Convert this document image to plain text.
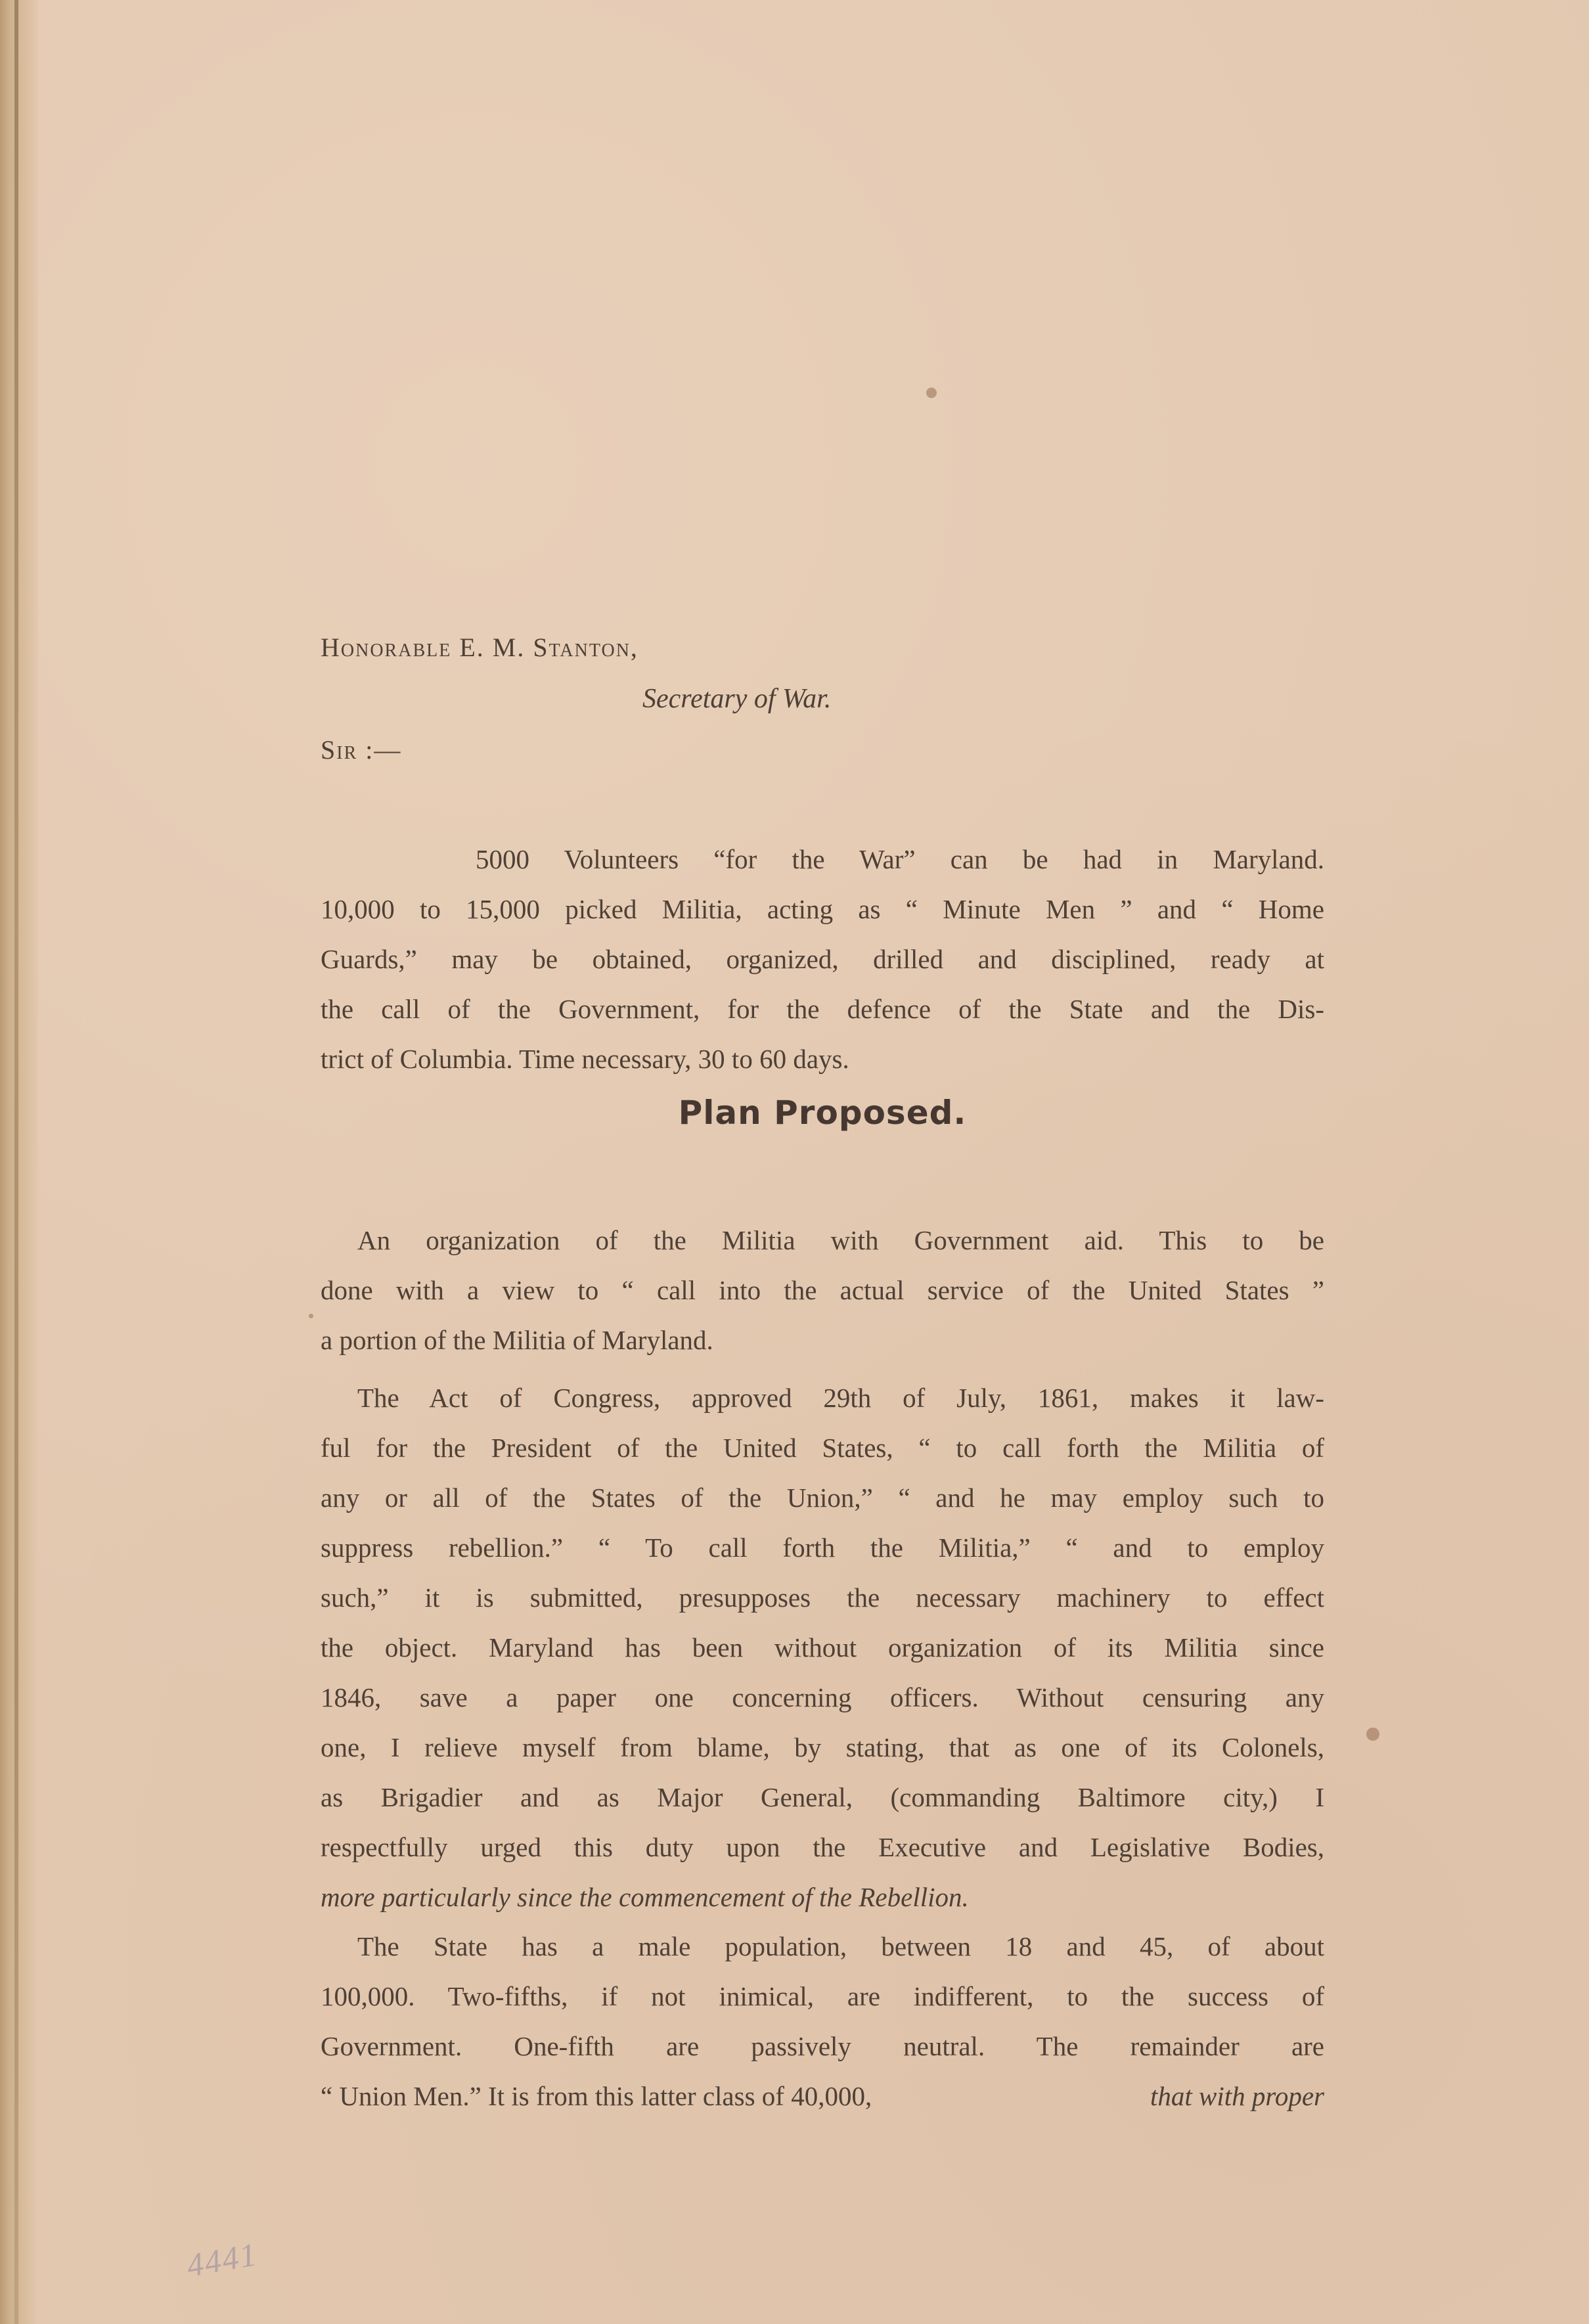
Honorable E. M. Stanton,
Secretary of War.
Sir :—
5000 Volunteers “for the War” can be had in Maryland.
10,000 to 15,000 picked Militia, acting as “ Minute Men ” and “ Home
Guards,” may be obtained, organized, drilled and disciplined, ready at
the call of the Government, for the defence of the State and the Dis-
trict of Columbia. Time necessary, 30 to 60 days.
Plan Proposed.
An organization of the Militia with Government aid. This to be
done with a view to “ call into the actual service of the United States ”
a portion of the Militia of Maryland.
The Act of Congress, approved 29th of July, 1861, makes it law-
ful for the President of the United States, “ to call forth the Militia of
any or all of the States of the Union,” “ and he may employ such to
suppress rebellion.” “ To call forth the Militia,” “ and to employ
such,” it is submitted, presupposes the necessary machinery to effect
the object. Maryland has been without organization of its Militia since
1846, save a paper one concerning officers. Without censuring any
one, I relieve myself from blame, by stating, that as one of its Colonels,
as Brigadier and as Major General, (commanding Baltimore city,) I
respectfully urged this duty upon the Executive and Legislative Bodies,
more particularly since the commencement of the Rebellion.
The State has a male population, between 18 and 45, of about
100,000. Two-fifths, if not inimical, are indifferent, to the success of
Government. One-fifth are passively neutral. The remainder are
“ Union Men.” It is from this latter class of 40,000,	that with proper
4441
